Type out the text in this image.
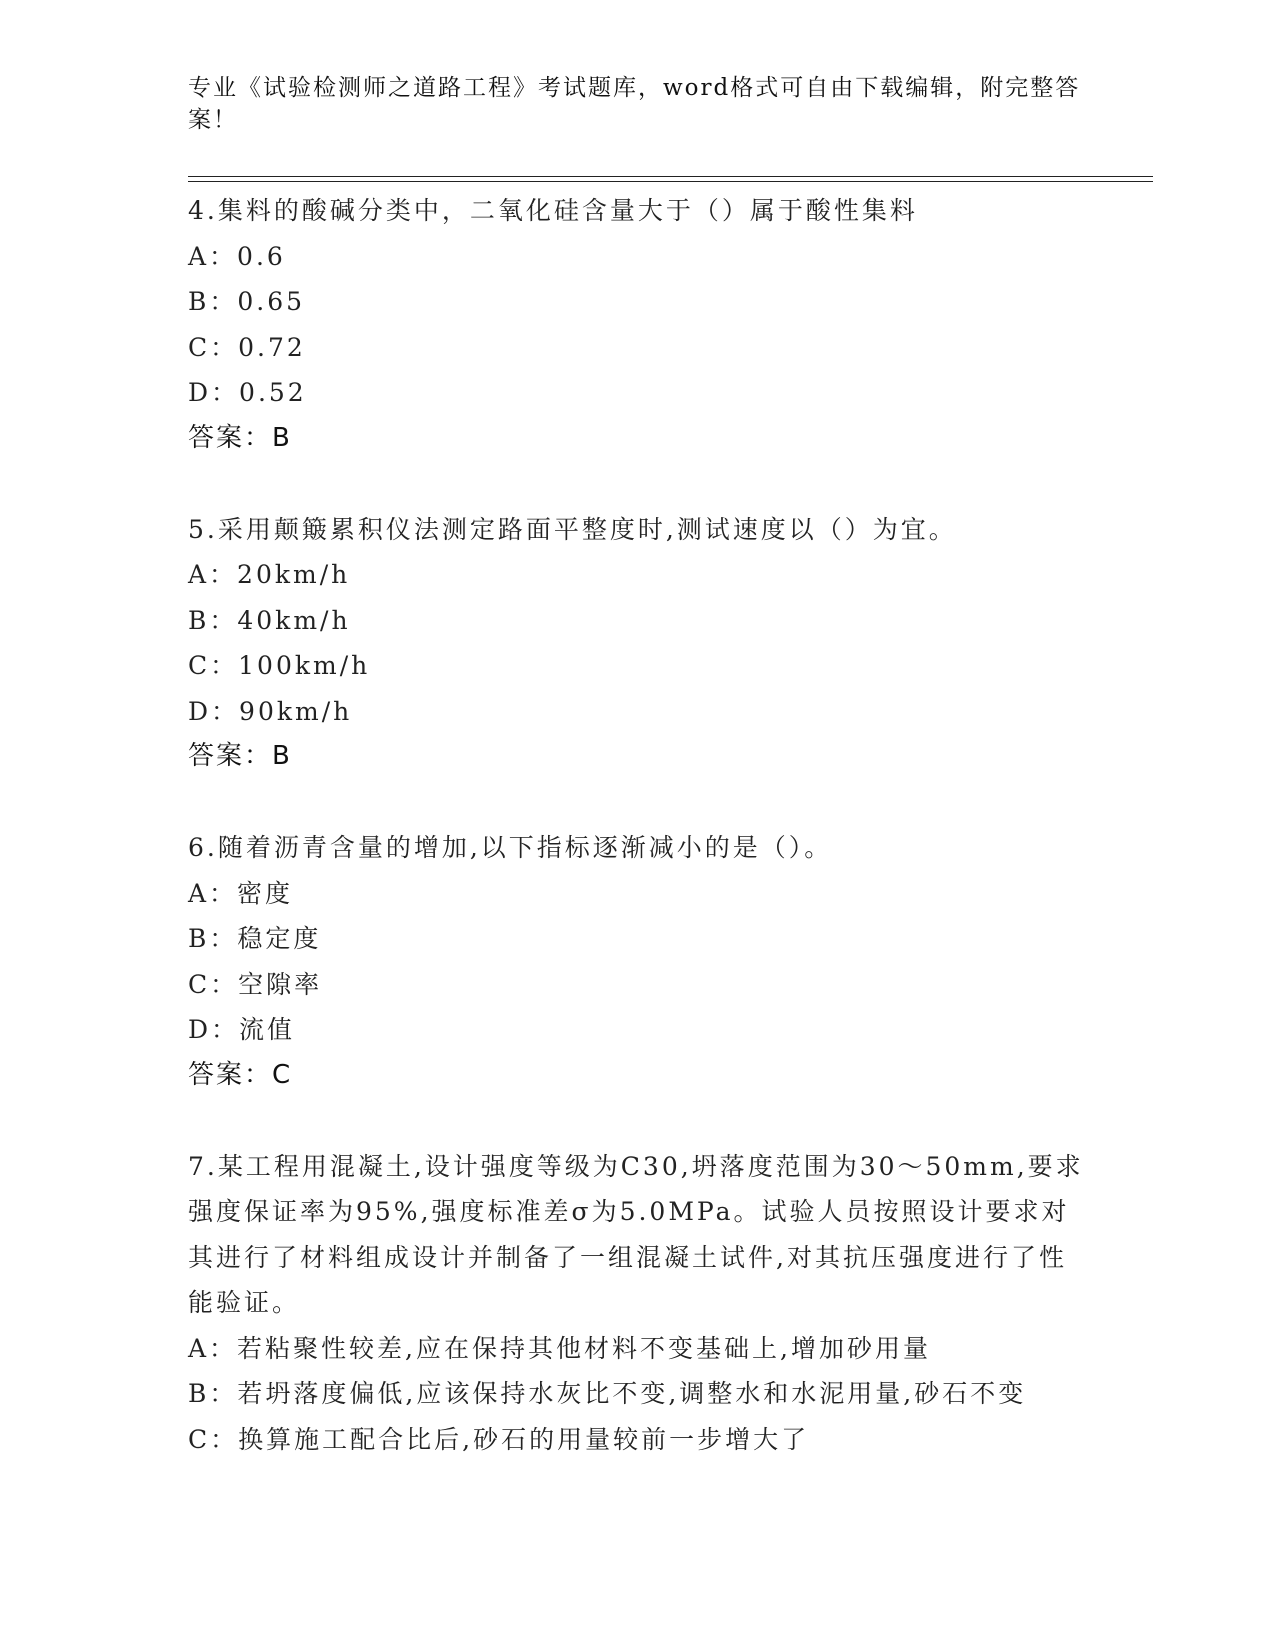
专业《试验检测师之道路工程》考试题库，word格式可自由下载编辑，附完整答案！
4.集料的酸碱分类中，二氧化硅含量大于（）属于酸性集料
A：0.6
B：0.65
C：0.72
D：0.52
答案：B
5.采用颠簸累积仪法测定路面平整度时,测试速度以（）为宜。
A：20km/h
B：40km/h
C：100km/h
D：90km/h
答案：B
6.随着沥青含量的增加,以下指标逐渐减小的是（）。
A：密度
B：稳定度
C：空隙率
D：流值
答案：C
7.某工程用混凝土,设计强度等级为C30,坍落度范围为30～50mm,要求强度保证率为95%,强度标准差σ为5.0MPa。试验人员按照设计要求对其进行了材料组成设计并制备了一组混凝土试件,对其抗压强度进行了性能验证。
A：若粘聚性较差,应在保持其他材料不变基础上,增加砂用量
B：若坍落度偏低,应该保持水灰比不变,调整水和水泥用量,砂石不变
C：换算施工配合比后,砂石的用量较前一步增大了
